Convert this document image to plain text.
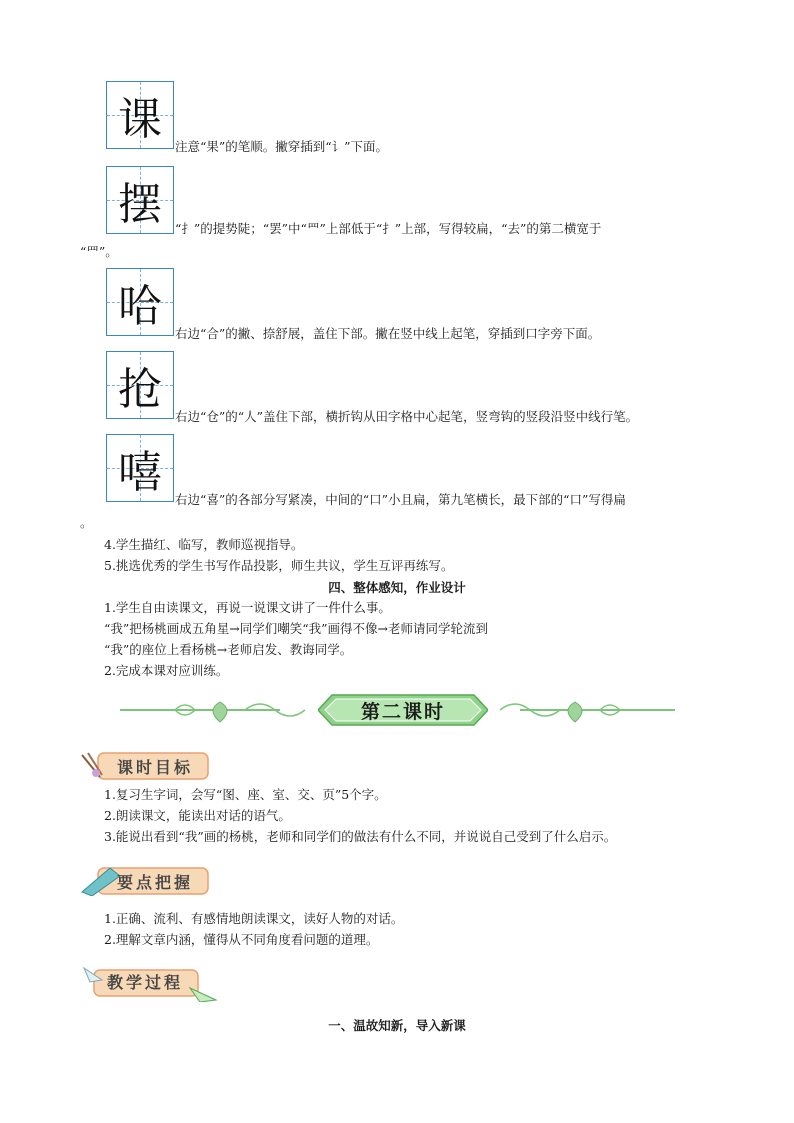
课
注意“果”的笔顺。撇穿插到“讠”下面。
摆	“扌”的提势陡；“罢”中“罒”上部低于“扌”上部，写得较扁，“去”的第二横宽于
“罒”。
哈
右边“合”的撇、捺舒展，盖住下部。撇在竖中线上起笔，穿插到口字旁下面。
抢
右边“仓”的“人”盖住下部，横折钩从田字格中心起笔，竖弯钩的竖段沿竖中线行笔。
嘻
右边“喜”的各部分写紧凑，中间的“口”小且扁，第九笔横长，最下部的“口”写得扁
。
4.学生描红、临写，教师巡视指导。
5.挑选优秀的学生书写作品投影，师生共议，学生互评再练写。
四、整体感知，作业设计
1.学生自由读课文，再说一说课文讲了一件什么事。
“我”把杨桃画成五角星→同学们嘲笑“我”画得不像→老师请同学轮流到
“我”的座位上看杨桃→老师启发、教诲同学。
2.完成本课对应训练。
第二课时
课时目标
1.复习生字词，会写“图、座、室、交、页”5个字。
2.朗读课文，能读出对话的语气。
3.能说出看到“我”画的杨桃，老师和同学们的做法有什么不同，并说说自己受到了什么启示。
要点把握
1.正确、流利、有感情地朗读课文，读好人物的对话。
2.理解文章内涵，懂得从不同角度看问题的道理。
教学过程
一、温故知新，导入新课
